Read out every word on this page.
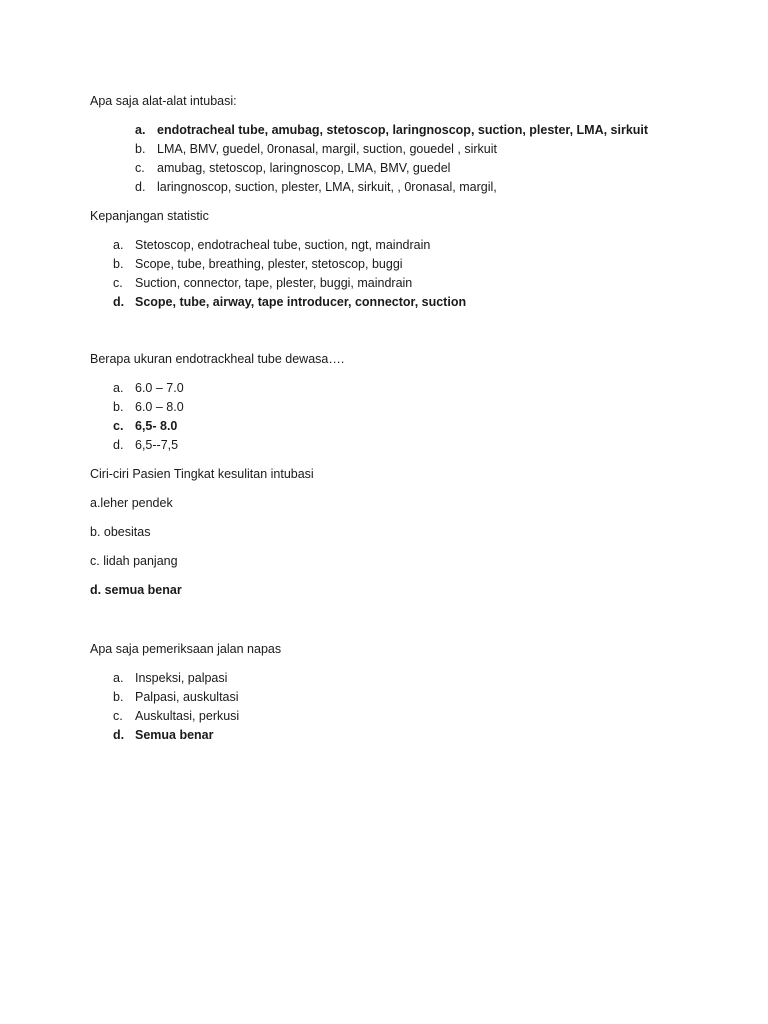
Apa saja alat-alat intubasi:

a. endotracheal tube, amubag, stetoscop, laringnoscop, suction, plester, LMA, sirkuit
b. LMA, BMV, guedel, 0ronasal, margil, suction, gouedel , sirkuit
c. amubag, stetoscop, laringnoscop, LMA, BMV, guedel
d. laringnoscop, suction, plester, LMA, sirkuit, , 0ronasal, margil,

Kepanjangan statistic

a. Stetoscop, endotracheal tube, suction, ngt, maindrain
b. Scope, tube, breathing, plester, stetoscop, buggi
c. Suction, connector, tape, plester, buggi, maindrain
d. Scope, tube, airway, tape introducer, connector, suction

Berapa ukuran endotrackheal tube dewasa….

a. 6.0 – 7.0
b. 6.0 – 8.0
c. 6,5- 8.0
d. 6,5--7,5

Ciri-ciri Pasien Tingkat kesulitan intubasi

a.leher pendek

b. obesitas

c. lidah panjang

d. semua benar

Apa saja pemeriksaan jalan napas

a. Inspeksi, palpasi
b. Palpasi, auskultasi
c. Auskultasi, perkusi
d. Semua benar
